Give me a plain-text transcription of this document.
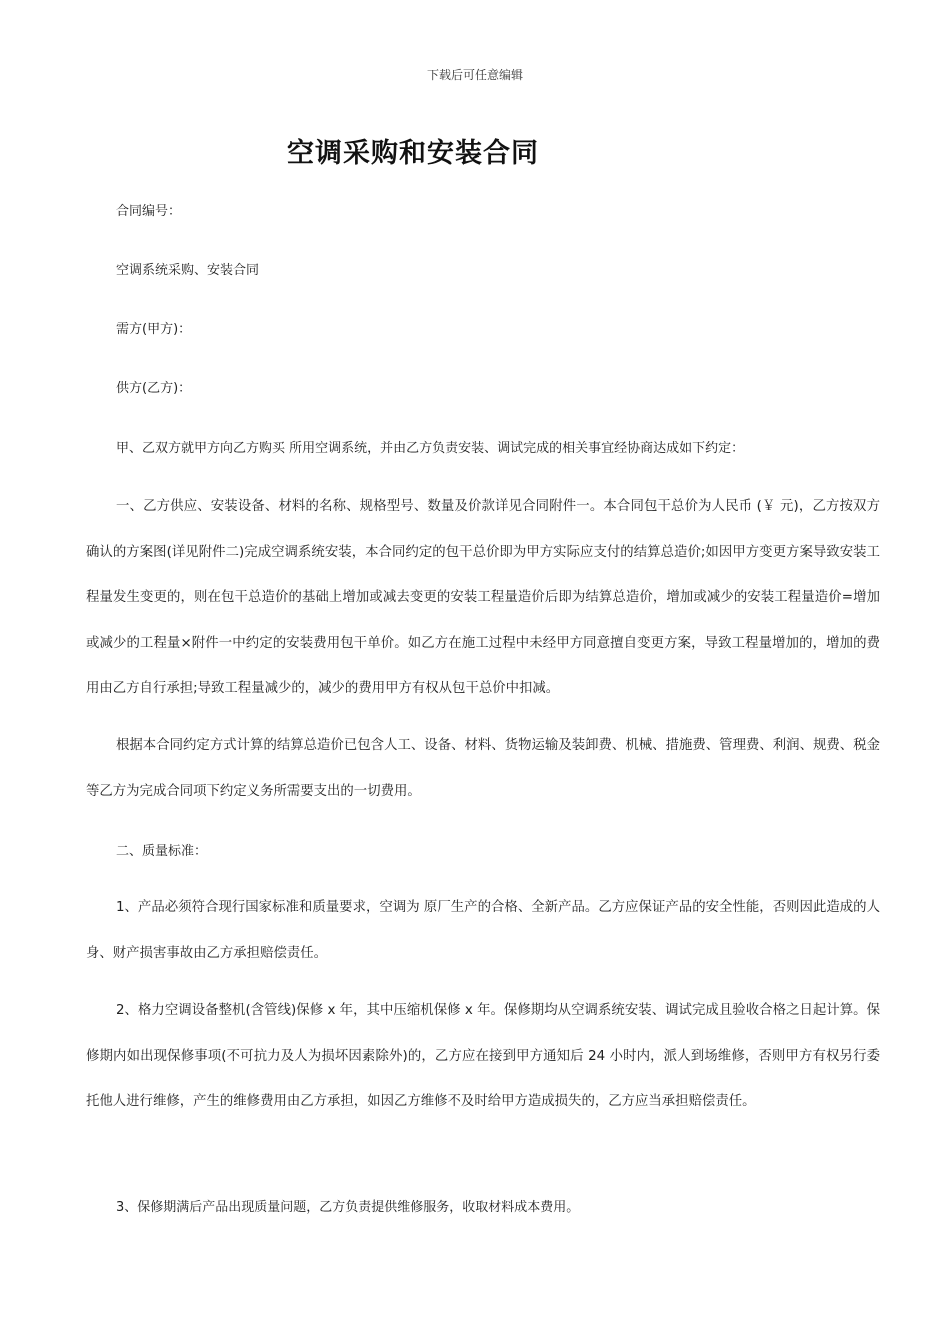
下载后可任意编辑
空调采购和安装合同
合同编号：
空调系统采购、安装合同
需方(甲方)：
供方(乙方)：
甲、乙双方就甲方向乙方购买 所用空调系统，并由乙方负责安装、调试完成的相关事宜经协商达成如下约定：

一、乙方供应、安装设备、材料的名称、规格型号、数量及价款详见合同附件一。本合同包干总价为人民币 (￥ 元)，乙方按双方确认的方案图(详见附件二)完成空调系统安装，本合同约定的包干总价即为甲方实际应支付的结算总造价;如因甲方变更方案导致安装工程量发生变更的，则在包干总造价的基础上增加或减去变更的安装工程量造价后即为结算总造价，增加或减少的安装工程量造价=增加或减少的工程量×附件一中约定的安装费用包干单价。如乙方在施工过程中未经甲方同意擅自变更方案，导致工程量增加的，增加的费用由乙方自行承担;导致工程量减少的，减少的费用甲方有权从包干总价中扣减。

根据本合同约定方式计算的结算总造价已包含人工、设备、材料、货物运输及装卸费、机械、措施费、管理费、利润、规费、税金等乙方为完成合同项下约定义务所需要支出的一切费用。

二、质量标准：

1、产品必须符合现行国家标准和质量要求，空调为 原厂生产的合格、全新产品。乙方应保证产品的安全性能，否则因此造成的人身、财产损害事故由乙方承担赔偿责任。

2、格力空调设备整机(含管线)保修 x 年，其中压缩机保修 x 年。保修期均从空调系统安装、调试完成且验收合格之日起计算。保修期内如出现保修事项(不可抗力及人为损坏因素除外)的，乙方应在接到甲方通知后 24 小时内，派人到场维修，否则甲方有权另行委托他人进行维修，产生的维修费用由乙方承担，如因乙方维修不及时给甲方造成损失的，乙方应当承担赔偿责任。

3、保修期满后产品出现质量问题，乙方负责提供维修服务，收取材料成本费用。
